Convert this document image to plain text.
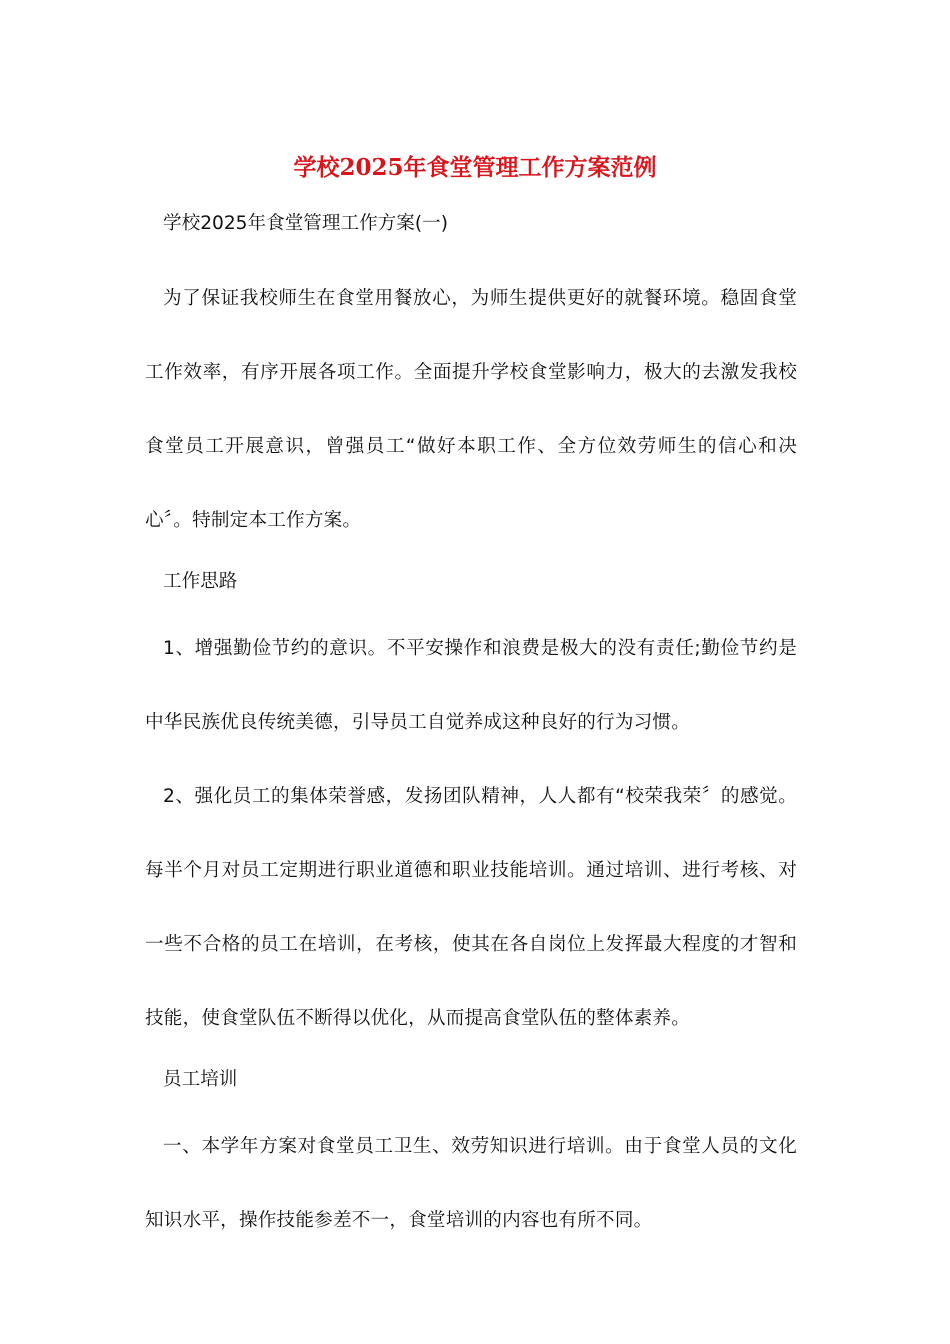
学校2025年食堂管理工作方案范例

学校2025年食堂管理工作方案(一)

为了保证我校师生在食堂用餐放心，为师生提供更好的就餐环境。稳固食堂工作效率，有序开展各项工作。全面提升学校食堂影响力，极大的去激发我校食堂员工开展意识，曾强员工“做好本职工作、全方位效劳师生的信心和决心〞。特制定本工作方案。

工作思路

1、增强勤俭节约的意识。不平安操作和浪费是极大的没有责任;勤俭节约是中华民族优良传统美德，引导员工自觉养成这种良好的行为习惯。

2、强化员工的集体荣誉感，发扬团队精神，人人都有“校荣我荣〞的感觉。每半个月对员工定期进行职业道德和职业技能培训。通过培训、进行考核、对一些不合格的员工在培训，在考核，使其在各自岗位上发挥最大程度的才智和技能，使食堂队伍不断得以优化，从而提高食堂队伍的整体素养。

员工培训

一、本学年方案对食堂员工卫生、效劳知识进行培训。由于食堂人员的文化知识水平，操作技能参差不一，食堂培训的内容也有所不同。
